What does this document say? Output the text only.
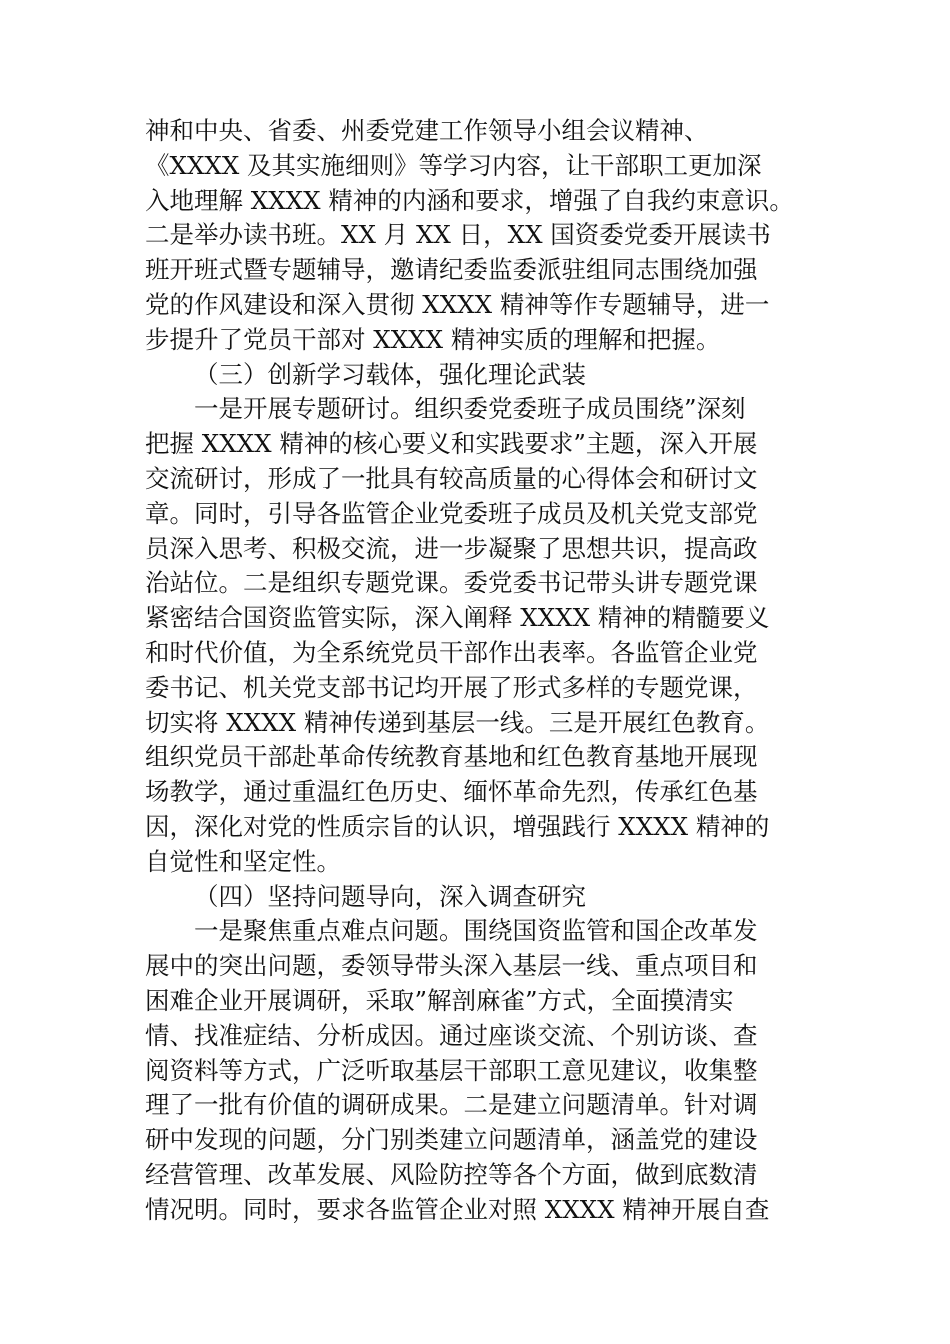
神和中央、省委、州委党建工作领导小组会议精神、
《XXXX 及其实施细则》等学习内容，让干部职工更加深
入地理解 XXXX 精神的内涵和要求，增强了自我约束意识。
二是举办读书班。XX 月 XX 日，XX 国资委党委开展读书
班开班式暨专题辅导，邀请纪委监委派驻组同志围绕加强
党的作风建设和深入贯彻 XXXX 精神等作专题辅导，进一
步提升了党员干部对 XXXX 精神实质的理解和把握。

（三）创新学习载体，强化理论武装

一是开展专题研讨。组织委党委班子成员围绕”深刻
把握 XXXX 精神的核心要义和实践要求”主题，深入开展
交流研讨，形成了一批具有较高质量的心得体会和研讨文
章。同时，引导各监管企业党委班子成员及机关党支部党
员深入思考、积极交流，进一步凝聚了思想共识，提高政
治站位。二是组织专题党课。委党委书记带头讲专题党课
紧密结合国资监管实际，深入阐释 XXXX 精神的精髓要义
和时代价值，为全系统党员干部作出表率。各监管企业党
委书记、机关党支部书记均开展了形式多样的专题党课，
切实将 XXXX 精神传递到基层一线。三是开展红色教育。
组织党员干部赴革命传统教育基地和红色教育基地开展现
场教学，通过重温红色历史、缅怀革命先烈，传承红色基
因，深化对党的性质宗旨的认识，增强践行 XXXX 精神的
自觉性和坚定性。

（四）坚持问题导向，深入调查研究

一是聚焦重点难点问题。围绕国资监管和国企改革发
展中的突出问题，委领导带头深入基层一线、重点项目和
困难企业开展调研，采取”解剖麻雀”方式，全面摸清实
情、找准症结、分析成因。通过座谈交流、个别访谈、查
阅资料等方式，广泛听取基层干部职工意见建议，收集整
理了一批有价值的调研成果。二是建立问题清单。针对调
研中发现的问题，分门别类建立问题清单，涵盖党的建设
经营管理、改革发展、风险防控等各个方面，做到底数清
情况明。同时，要求各监管企业对照 XXXX 精神开展自查
